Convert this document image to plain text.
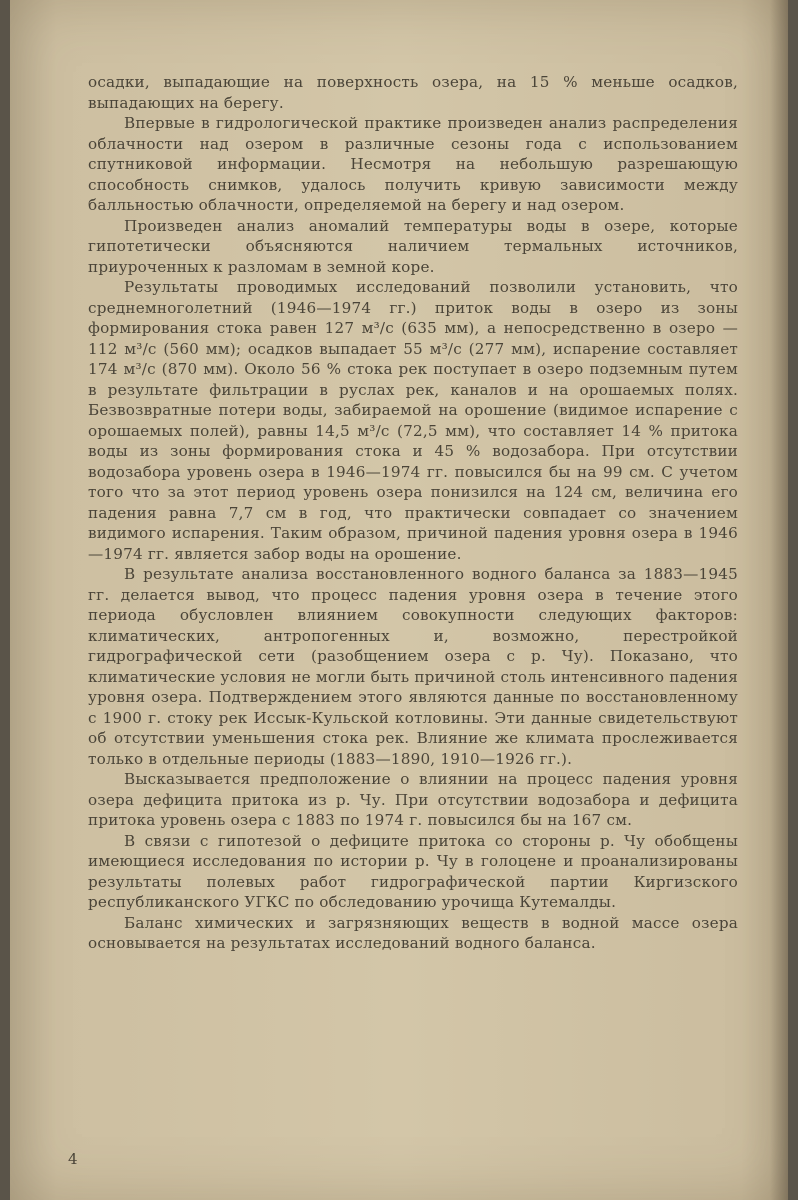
осадки, выпадающие на поверхность озера, на 15 % меньше осадков, выпадающих на берегу.

Впервые в гидрологической практике произведен анализ распределения облачности над озером в различные сезоны года с использованием спутниковой информации. Несмотря на небольшую разрешающую способность снимков, удалось получить кривую зависимости между балльностью облачности, определяемой на берегу и над озером.

Произведен анализ аномалий температуры воды в озере, которые гипотетически объясняются наличием термальных источников, приуроченных к разломам в земной коре.

Результаты проводимых исследований позволили установить, что среднемноголетний (1946—1974 гг.) приток воды в озеро из зоны формирования стока равен 127 м³/с (635 мм), а непосредственно в озеро — 112 м³/с (560 мм); осадков выпадает 55 м³/с (277 мм), испарение составляет 174 м³/с (870 мм). Около 56 % стока рек поступает в озеро подземным путем в результате фильтрации в руслах рек, каналов и на орошаемых полях. Безвозвратные потери воды, забираемой на орошение (видимое испарение с орошаемых полей), равны 14,5 м³/с (72,5 мм), что составляет 14 % притока воды из зоны формирования стока и 45 % водозабора. При отсутствии водозабора уровень озера в 1946—1974 гг. повысился бы на 99 см. С учетом того что за этот период уровень озера понизился на 124 см, величина его падения равна 7,7 см в год, что практически совпадает со значением видимого испарения. Таким образом, причиной падения уровня озера в 1946—1974 гг. является забор воды на орошение.

В результате анализа восстановленного водного баланса за 1883—1945 гг. делается вывод, что процесс падения уровня озера в течение этого периода обусловлен влиянием совокупности следующих факторов: климатических, антропогенных и, возможно, перестройкой гидрографической сети (разобщением озера с р. Чу). Показано, что климатические условия не могли быть причиной столь интенсивного падения уровня озера. Подтверждением этого являются данные по восстановленному с 1900 г. стоку рек Иссык-Кульской котловины. Эти данные свидетельствуют об отсутствии уменьшения стока рек. Влияние же климата прослеживается только в отдельные периоды (1883—1890, 1910—1926 гг.).

Высказывается предположение о влиянии на процесс падения уровня озера дефицита притока из р. Чу. При отсутствии водозабора и дефицита притока уровень озера с 1883 по 1974 г. повысился бы на 167 см.

В связи с гипотезой о дефиците притока со стороны р. Чу обобщены имеющиеся исследования по истории р. Чу в голоцене и проанализированы результаты полевых работ гидрографической партии Киргизского республиканского УГКС по обследованию урочища Кутемалды.

Баланс химических и загрязняющих веществ в водной массе озера основывается на результатах исследований водного баланса.

4
